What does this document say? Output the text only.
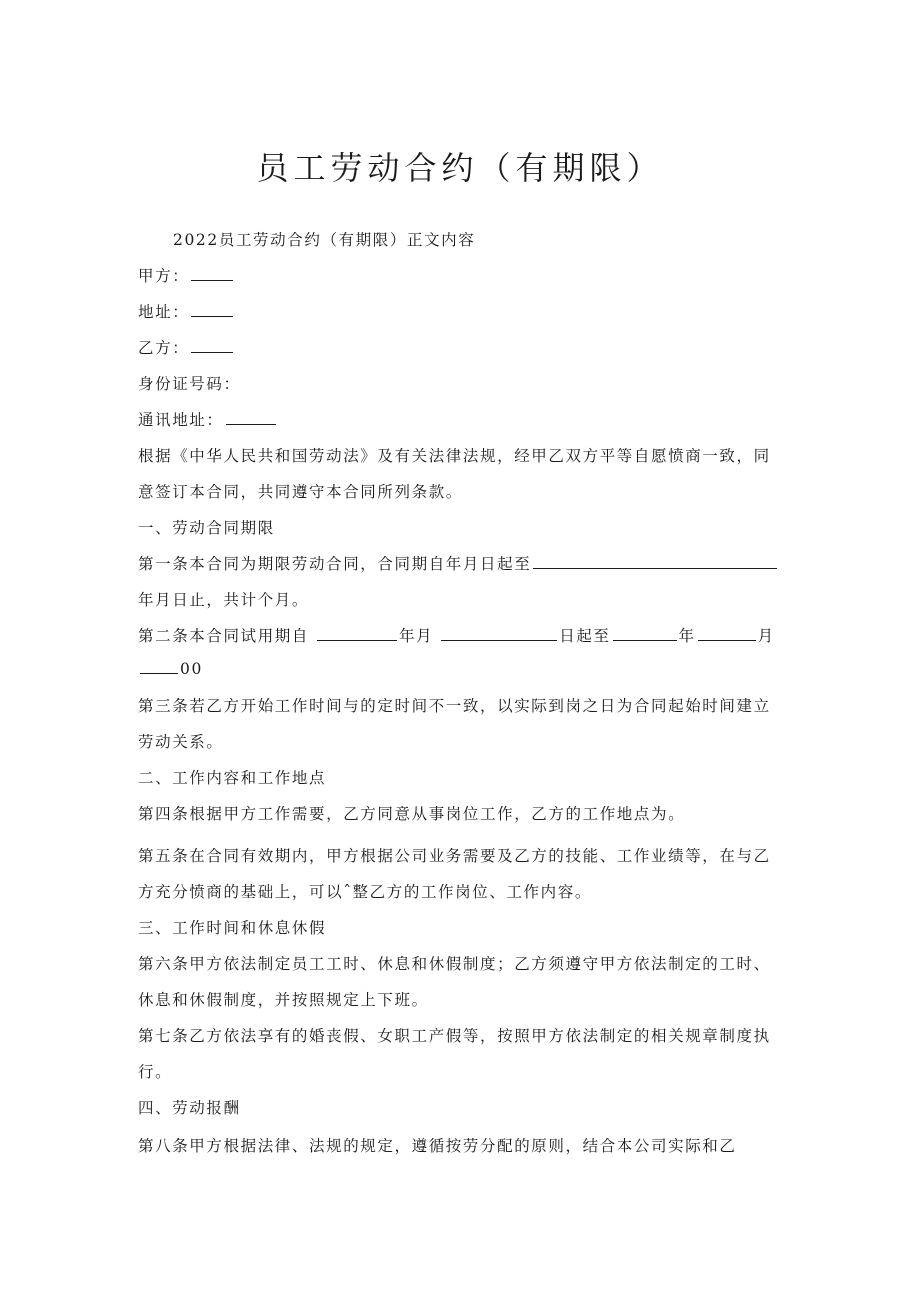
员工劳动合约（有期限）

2022员工劳动合约（有期限）正文内容

甲方：

地址：

乙方：

身份证号码：

通讯地址：

根据《中华人民共和国劳动法》及有关法律法规，经甲乙双方平等自愿愤商一致，同

意签订本合同，共同遵守本合同所列条款。

一、劳动合同期限

第一条本合同为期限劳动合同，合同期自年月日起至

年月日止，共计个月。

第二条本合同试用期自	年月	日起至	年	月

00

第三条若乙方开始工作时间与的定时间不一致，以实际到岗之日为合同起始时间建立

劳动关系。

二、工作内容和工作地点

第四条根据甲方工作需要，乙方同意从事岗位工作，乙方的工作地点为。

第五条在合同有效期内，甲方根据公司业务需要及乙方的技能、工作业绩等，在与乙

方充分愤商的基础上，可以ˆ整乙方的工作岗位、工作内容。

三、工作时间和休息休假

第六条甲方依法制定员工工时、休息和休假制度；乙方须遵守甲方依法制定的工时、

休息和休假制度，并按照规定上下班。

第七条乙方依法享有的婚丧假、女职工产假等，按照甲方依法制定的相关规章制度执

行。

四、劳动报酬

第八条甲方根据法律、法规的规定，遵循按劳分配的原则，结合本公司实际和乙
